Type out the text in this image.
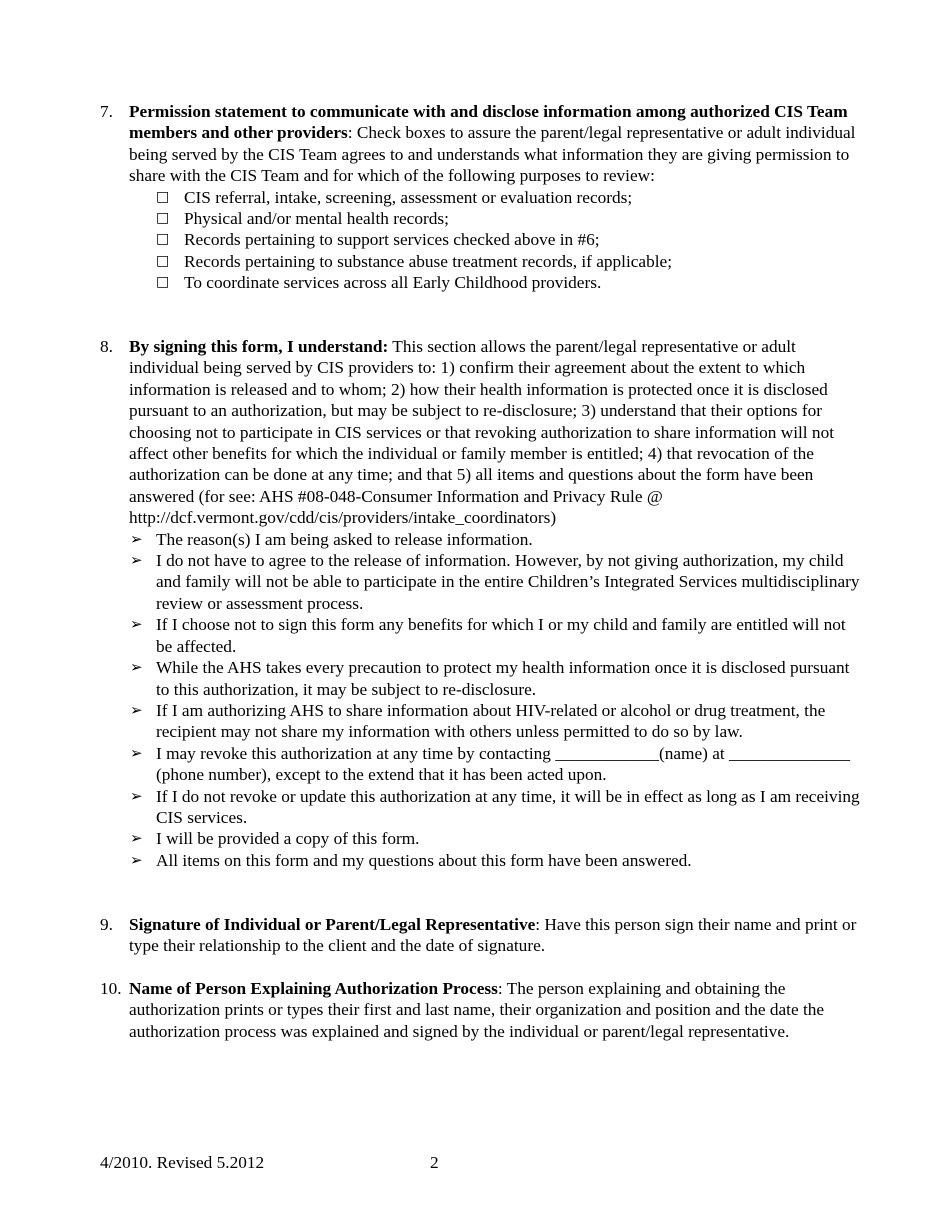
7. Permission statement to communicate with and disclose information among authorized CIS Team members and other providers: Check boxes to assure the parent/legal representative or adult individual being served by the CIS Team agrees to and understands what information they are giving permission to share with the CIS Team and for which of the following purposes to review:
□ CIS referral, intake, screening, assessment or evaluation records;
□ Physical and/or mental health records;
□ Records pertaining to support services checked above in #6;
□ Records pertaining to substance abuse treatment records, if applicable;
□ To coordinate services across all Early Childhood providers.
8. By signing this form, I understand: This section allows the parent/legal representative or adult individual being served by CIS providers to: 1) confirm their agreement about the extent to which information is released and to whom; 2) how their health information is protected once it is disclosed pursuant to an authorization, but may be subject to re-disclosure; 3) understand that their options for choosing not to participate in CIS services or that revoking authorization to share information will not affect other benefits for which the individual or family member is entitled; 4) that revocation of the authorization can be done at any time; and that 5) all items and questions about the form have been answered (for see: AHS #08-048-Consumer Information and Privacy Rule @ http://dcf.vermont.gov/cdd/cis/providers/intake_coordinators)
➢ The reason(s) I am being asked to release information.
➢ I do not have to agree to the release of information. However, by not giving authorization, my child and family will not be able to participate in the entire Children’s Integrated Services multidisciplinary review or assessment process.
➢ If I choose not to sign this form any benefits for which I or my child and family are entitled will not be affected.
➢ While the AHS takes every precaution to protect my health information once it is disclosed pursuant to this authorization, it may be subject to re-disclosure.
➢ If I am authorizing AHS to share information about HIV-related or alcohol or drug treatment, the recipient may not share my information with others unless permitted to do so by law.
➢ I may revoke this authorization at any time by contacting ____________(name) at ______________ (phone number), except to the extend that it has been acted upon.
➢ If I do not revoke or update this authorization at any time, it will be in effect as long as I am receiving CIS services.
➢ I will be provided a copy of this form.
➢ All items on this form and my questions about this form have been answered.
9. Signature of Individual or Parent/Legal Representative: Have this person sign their name and print or type their relationship to the client and the date of signature.
10. Name of Person Explaining Authorization Process: The person explaining and obtaining the authorization prints or types their first and last name, their organization and position and the date the authorization process was explained and signed by the individual or parent/legal representative.
4/2010. Revised 5.2012	2
